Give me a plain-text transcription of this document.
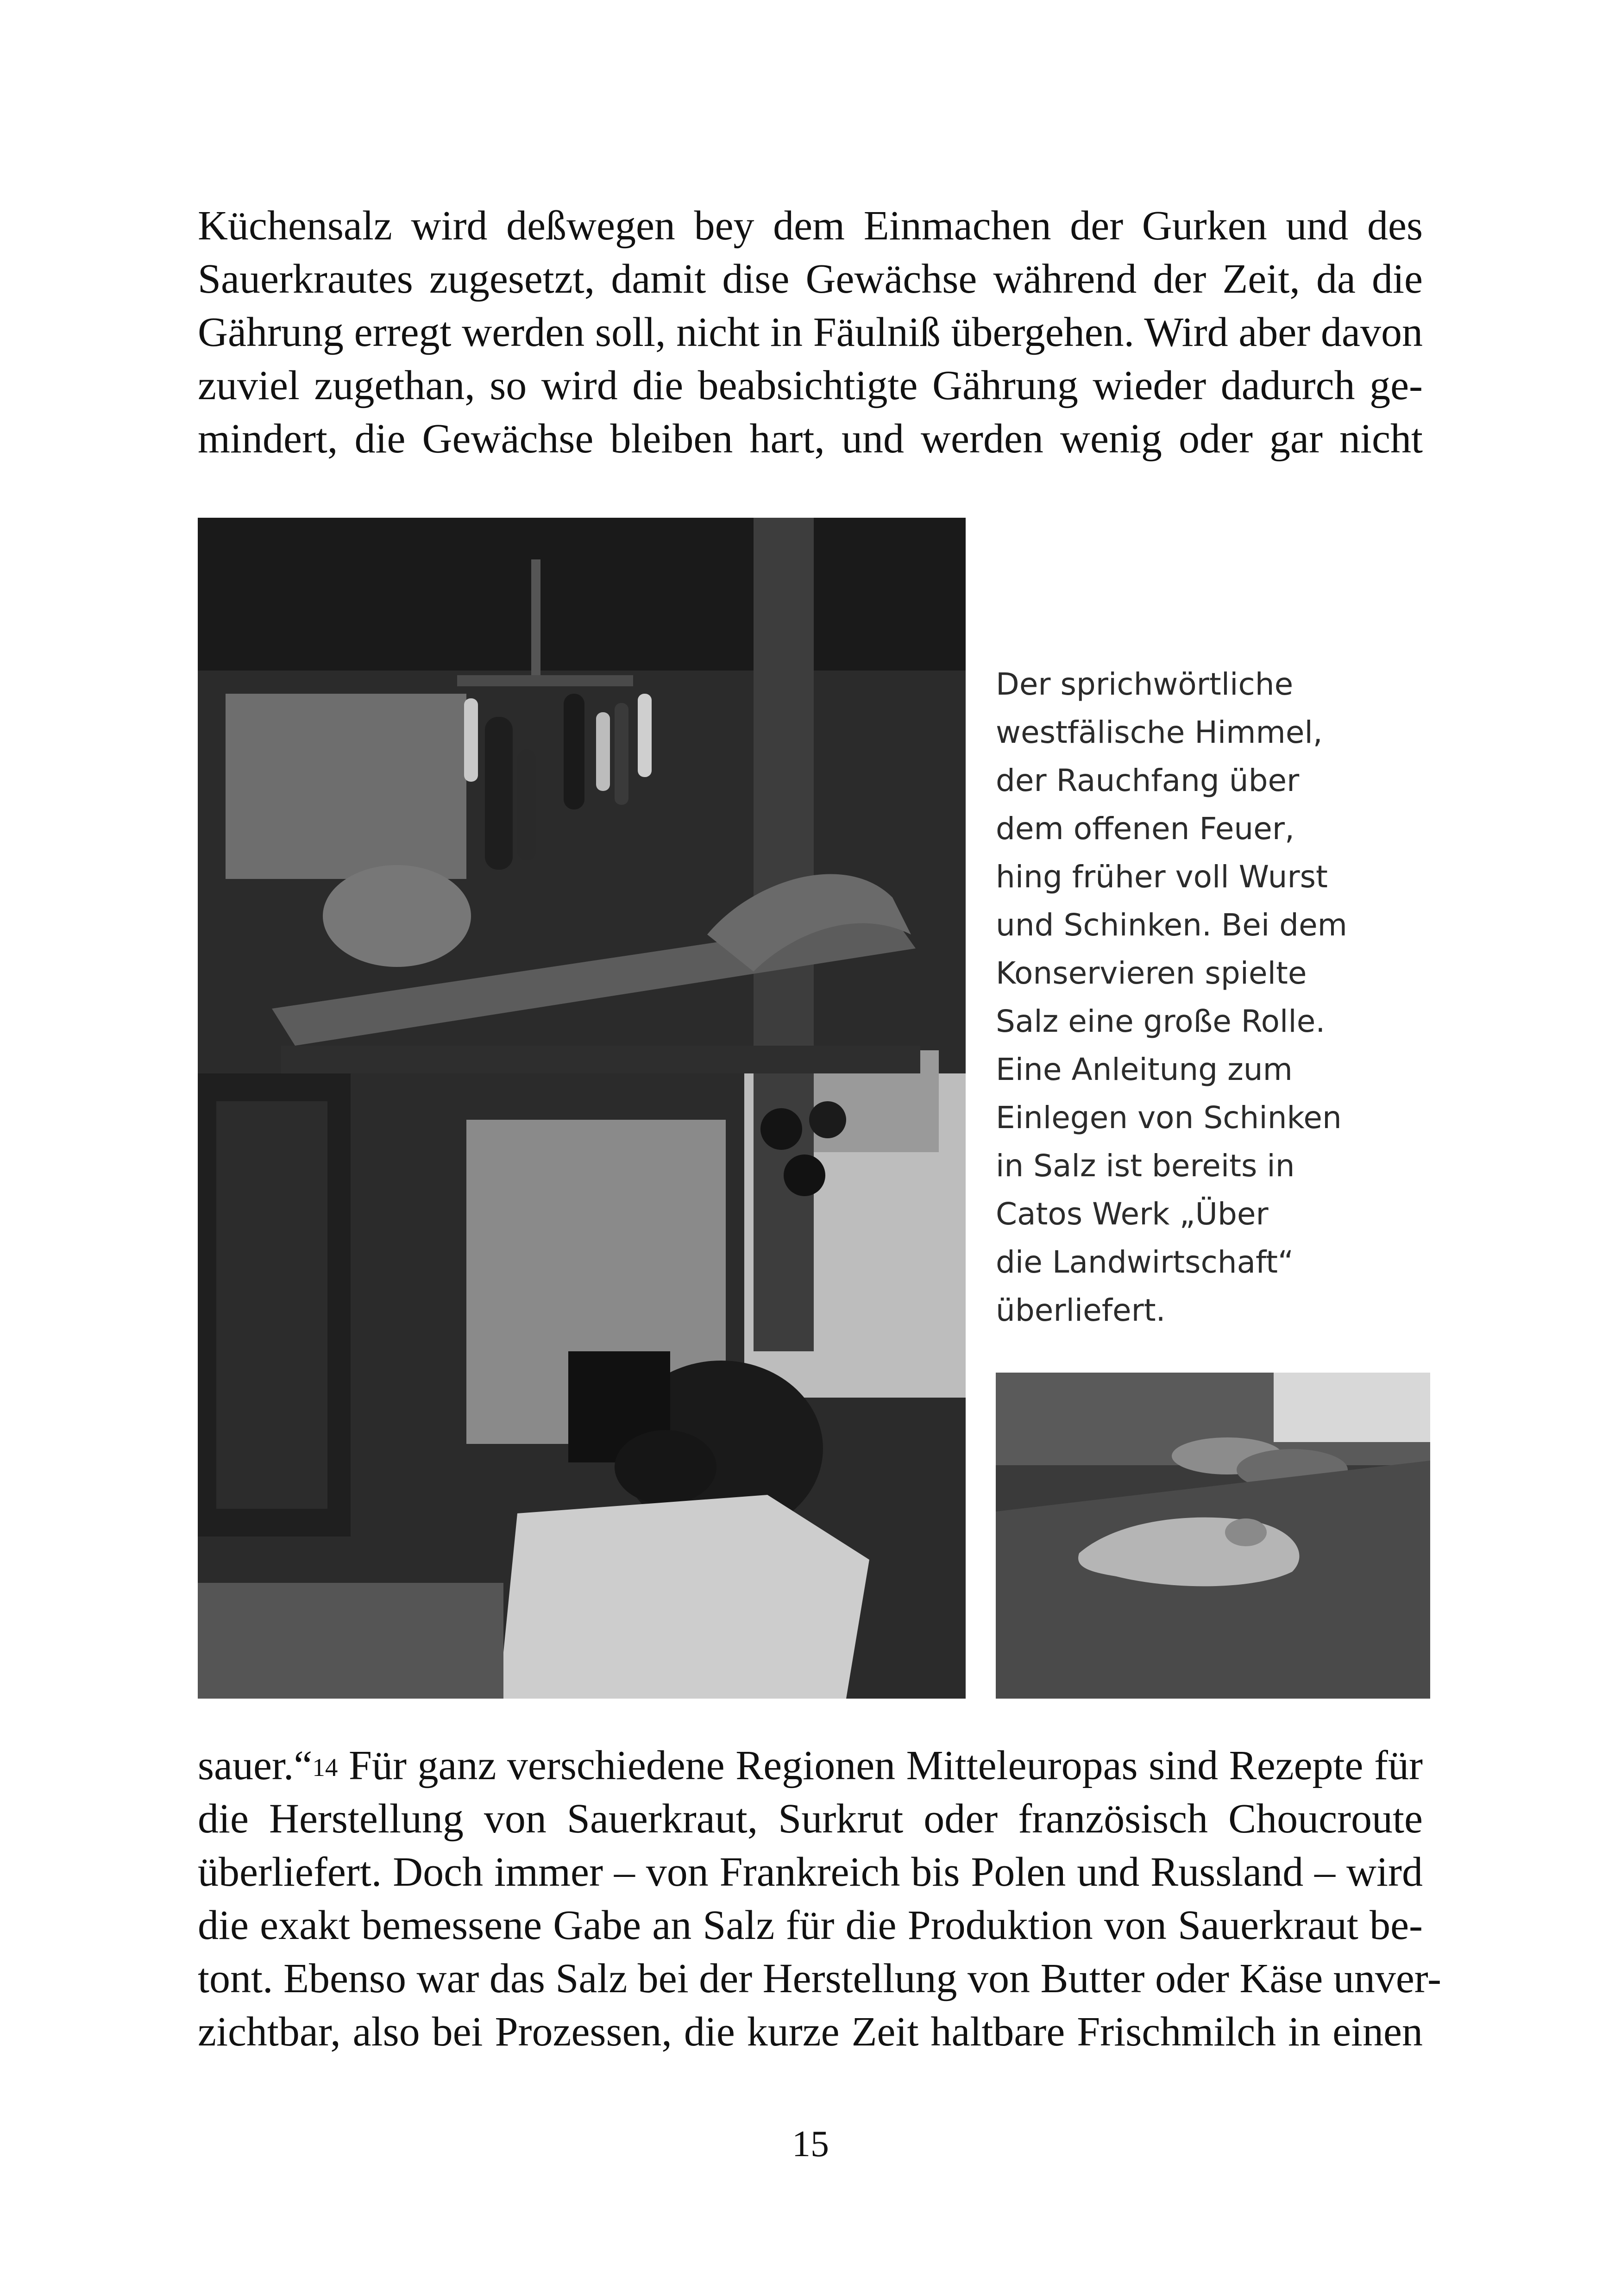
Küchensalz wird deßwegen bey dem Einmachen der Gurken und des
Sauerkrautes zugesetzt, damit dise Gewächse während der Zeit, da die
Gährung erregt werden soll, nicht in Fäulniß übergehen. Wird aber davon
zuviel zugethan, so wird die beabsichtigte Gährung wieder dadurch ge-
mindert, die Gewächse bleiben hart, und werden wenig oder gar nicht
Der sprichwörtliche
westfälische Himmel,
der Rauchfang über
dem offenen Feuer,
hing früher voll Wurst
und Schinken. Bei dem
Konservieren spielte
Salz eine große Rolle.
Eine Anleitung zum
Einlegen von Schinken
in Salz ist bereits in
Catos Werk „Über
die Landwirtschaft“
überliefert.
sauer.“$^{14}$ Für ganz verschiedene Regionen Mitteleuropas sind Rezepte für
die Herstellung von Sauerkraut, Surkrut oder französisch Choucroute
überliefert. Doch immer – von Frankreich bis Polen und Russland – wird
die exakt bemessene Gabe an Salz für die Produktion von Sauerkraut be-
tont. Ebenso war das Salz bei der Herstellung von Butter oder Käse unver-
zichtbar, also bei Prozessen, die kurze Zeit haltbare Frischmilch in einen
15
